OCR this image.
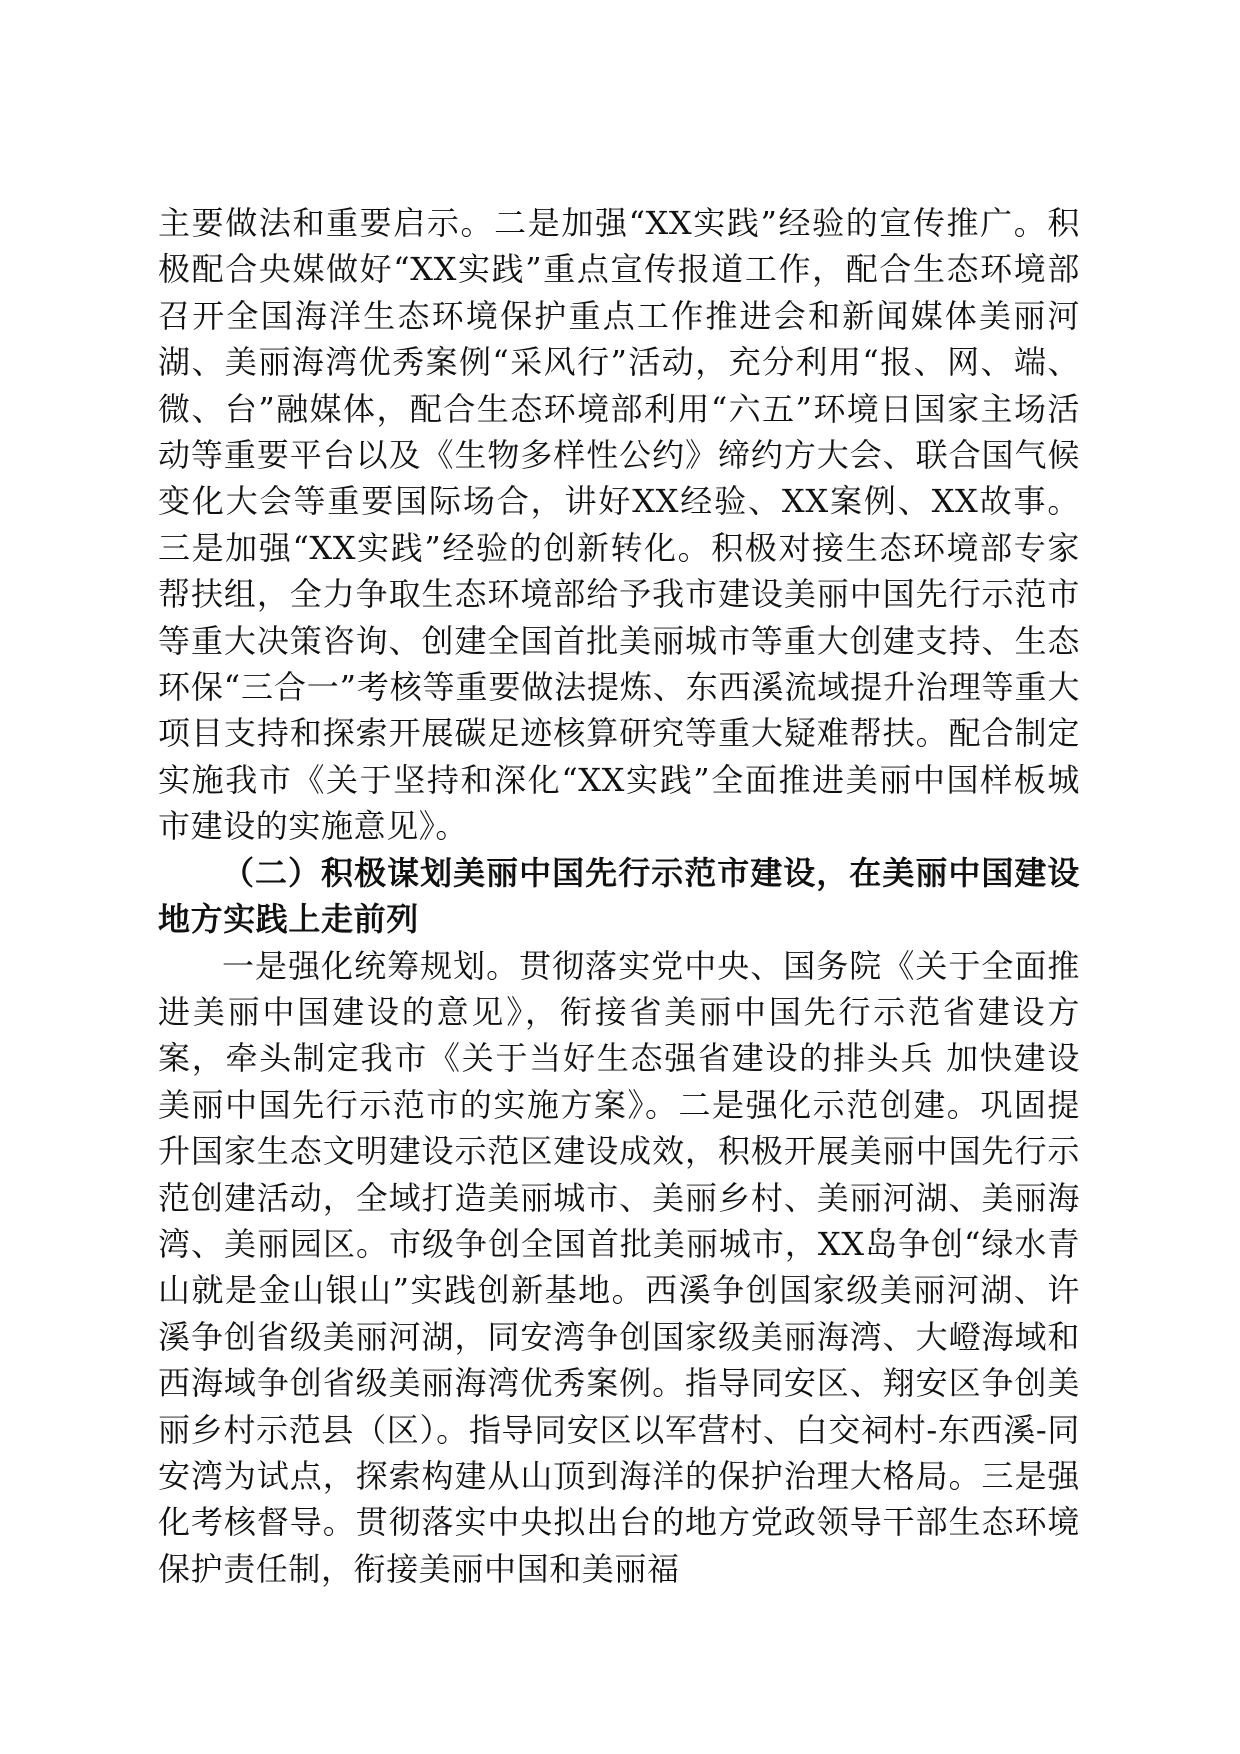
主要做法和重要启示。二是加强“XX实践”经验的宣传推广。积极配合央媒做好“XX实践”重点宣传报道工作，配合生态环境部召开全国海洋生态环境保护重点工作推进会和新闻媒体美丽河湖、美丽海湾优秀案例“采风行”活动，充分利用“报、网、端、微、台”融媒体，配合生态环境部利用“六五”环境日国家主场活动等重要平台以及《生物多样性公约》缔约方大会、联合国气候变化大会等重要国际场合，讲好XX经验、XX案例、XX故事。三是加强“XX实践”经验的创新转化。积极对接生态环境部专家帮扶组，全力争取生态环境部给予我市建设美丽中国先行示范市等重大决策咨询、创建全国首批美丽城市等重大创建支持、生态环保“三合一”考核等重要做法提炼、东西溪流域提升治理等重大项目支持和探索开展碳足迹核算研究等重大疑难帮扶。配合制定实施我市《关于坚持和深化“XX实践”全面推进美丽中国样板城市建设的实施意见》。

（二）积极谋划美丽中国先行示范市建设，在美丽中国建设地方实践上走前列

一是强化统筹规划。贯彻落实党中央、国务院《关于全面推进美丽中国建设的意见》，衔接省美丽中国先行示范省建设方案，牵头制定我市《关于当好生态强省建设的排头兵 加快建设美丽中国先行示范市的实施方案》。二是强化示范创建。巩固提升国家生态文明建设示范区建设成效，积极开展美丽中国先行示范创建活动，全域打造美丽城市、美丽乡村、美丽河湖、美丽海湾、美丽园区。市级争创全国首批美丽城市，XX岛争创“绿水青山就是金山银山”实践创新基地。西溪争创国家级美丽河湖、许溪争创省级美丽河湖，同安湾争创国家级美丽海湾、大嶝海域和西海域争创省级美丽海湾优秀案例。指导同安区、翔安区争创美丽乡村示范县（区）。指导同安区以军营村、白交祠村-东西溪-同安湾为试点，探索构建从山顶到海洋的保护治理大格局。三是强化考核督导。贯彻落实中央拟出台的地方党政领导干部生态环境保护责任制，衔接美丽中国和美丽福
